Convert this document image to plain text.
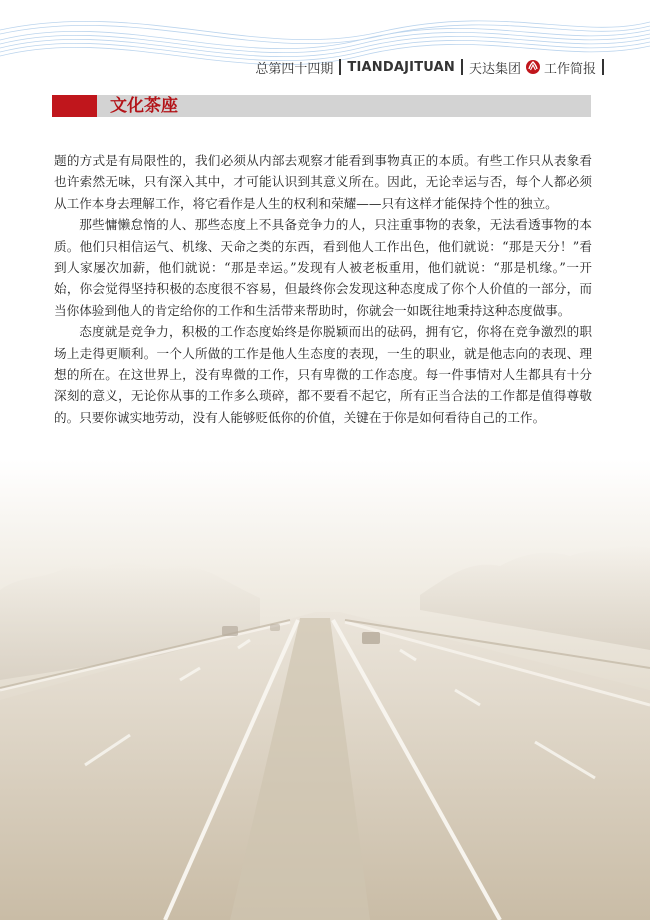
总第四十四期 TIANDAJITUAN 天达集团 工作简报
文化茶座

题的方式是有局限性的，我们必须从内部去观察才能看到事物真正的本质。有些工作只从表象看也许索然无味，只有深入其中，才可能认识到其意义所在。因此，无论幸运与否，每个人都必须从工作本身去理解工作，将它看作是人生的权利和荣耀——只有这样才能保持个性的独立。

那些慵懒怠惰的人、那些态度上不具备竞争力的人，只注重事物的表象，无法看透事物的本质。他们只相信运气、机缘、天命之类的东西，看到他人工作出色，他们就说：“那是天分！”看到人家屡次加薪，他们就说：“那是幸运。”发现有人被老板重用，他们就说：“那是机缘。”一开始，你会觉得坚持积极的态度很不容易，但最终你会发现这种态度成了你个人价值的一部分，而当你体验到他人的肯定给你的工作和生活带来帮助时，你就会一如既往地秉持这种态度做事。

态度就是竞争力，积极的工作态度始终是你脱颖而出的砝码，拥有它，你将在竞争激烈的职场上走得更顺利。一个人所做的工作是他人生态度的表现，一生的职业，就是他志向的表现、理想的所在。在这世界上，没有卑微的工作，只有卑微的工作态度。每一件事情对人生都具有十分深刻的意义，无论你从事的工作多么琐碎，都不要看不起它，所有正当合法的工作都是值得尊敬的。只要你诚实地劳动，没有人能够贬低你的价值，关键在于你是如何看待自己的工作。
